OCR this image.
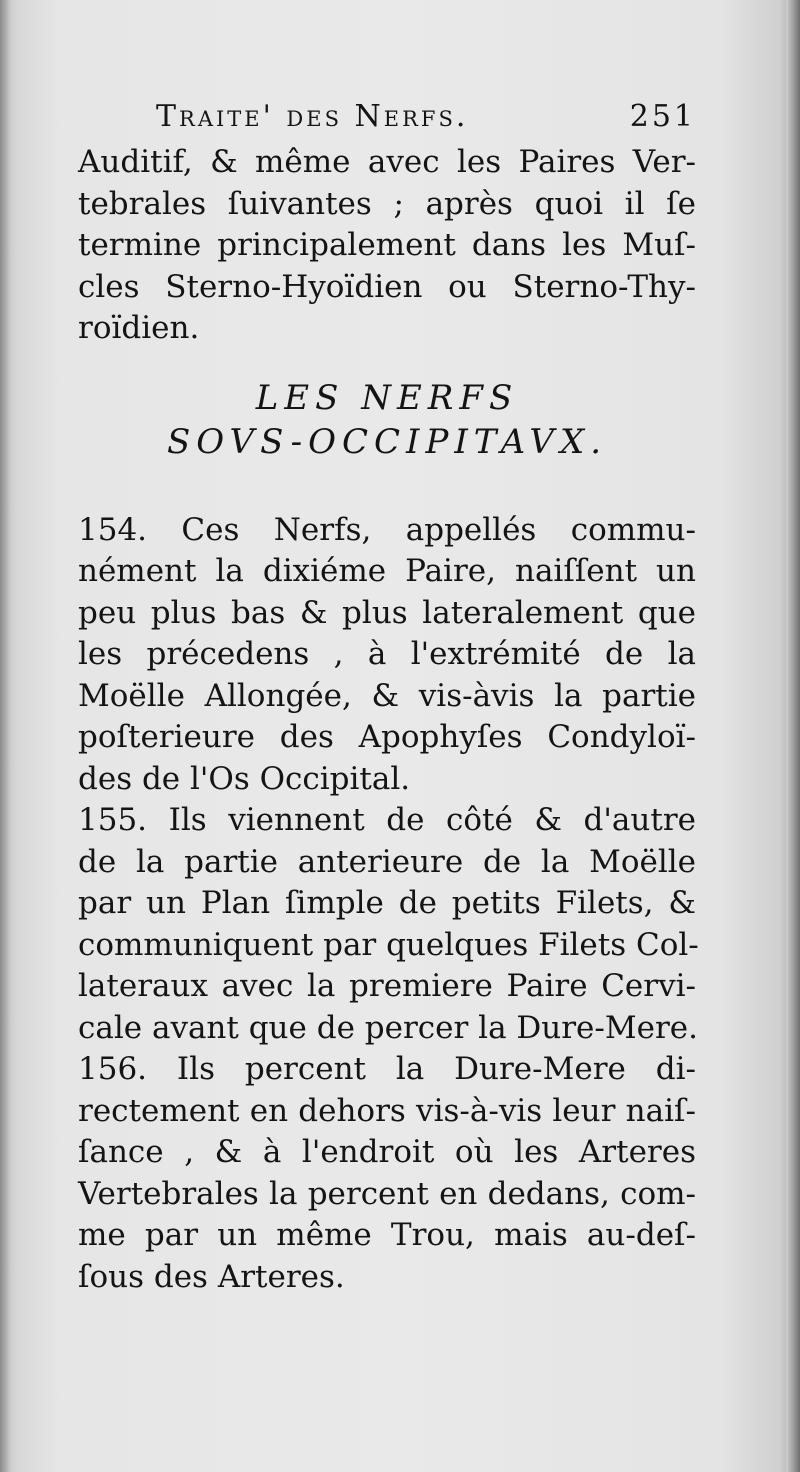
Traite' des Nerfs.	251
Auditif, & même avec les Paires Ver-
tebrales ſuivantes ; après quoi il ſe
termine principalement dans les Muſ-
cles Sterno-Hyoïdien ou Sterno-Thy-
roïdien.
LES NERFS
SOVS-OCCIPITAVX.
154. Ces Nerfs, appellés commu-
nément la dixiéme Paire, naiſſent un
peu plus bas & plus lateralement que
les précedens , à l'extrémité de la
Moëlle Allongée, & vis-àvis la partie
poſterieure des Apophyſes Condyloï-
des de l'Os Occipital.
155. Ils viennent de côté & d'autre
de la partie anterieure de la Moëlle
par un Plan ſimple de petits Filets, &
communiquent par quelques Filets Col-
lateraux avec la premiere Paire Cervi-
cale avant que de percer la Dure-Mere.
156. Ils percent la Dure-Mere di-
rectement en dehors vis-à-vis leur naiſ-
ſance , & à l'endroit où les Arteres
Vertebrales la percent en dedans, com-
me par un même Trou, mais au-deſ-
ſous des Arteres.
